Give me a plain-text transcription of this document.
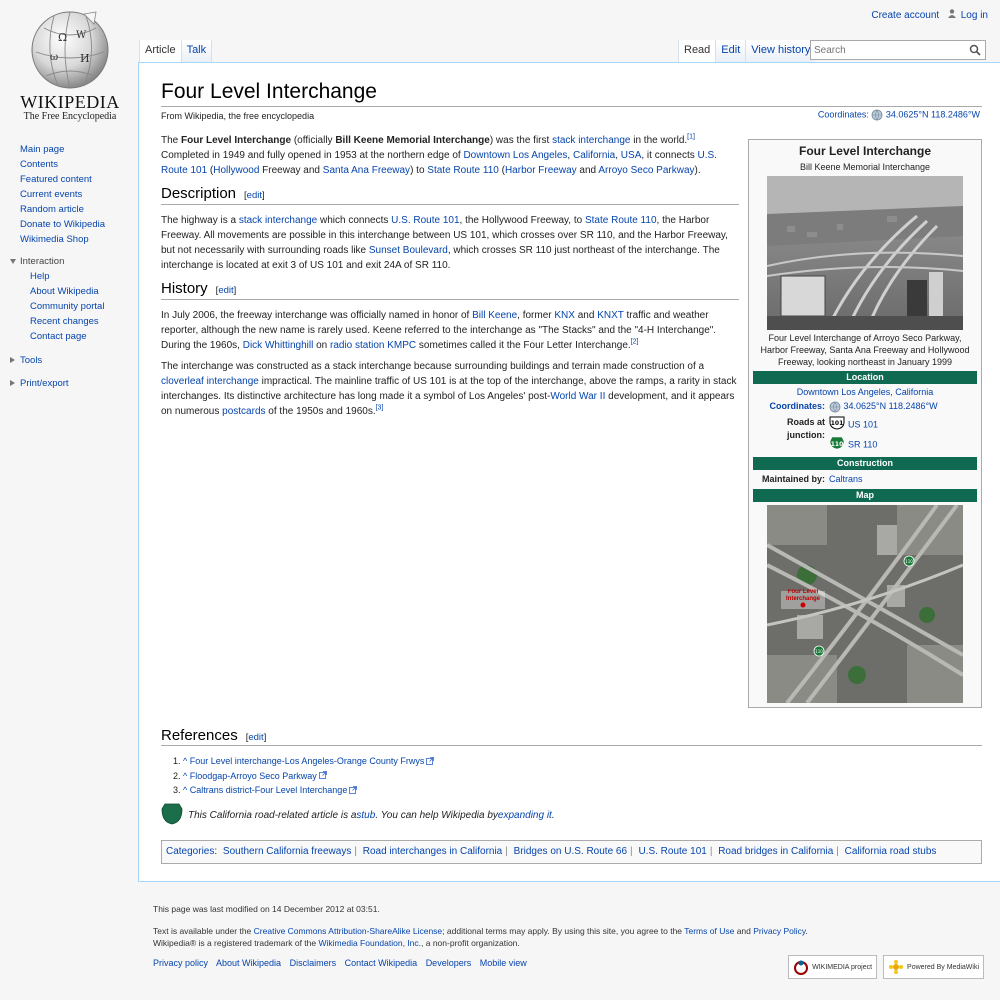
Ω W
ω И
WIKIPEDIA
The Free Encyclopedia
Create account Log in
Article	Talk	Read	Edit	View history
Search
Main page
Contents
Featured content
Current events
Random article
Donate to Wikipedia
Wikimedia Shop
Interaction
Help
About Wikipedia
Community portal
Recent changes
Contact page
Tools
Print/export
Four Level Interchange
From Wikipedia, the free encyclopedia	Coordinates: 34.0625°N 118.2486°W

The Four Level Interchange (officially Bill Keene Memorial Interchange) was the first stack interchange in the world.[1] Completed in 1949 and fully opened in 1953 at the northern edge of Downtown Los Angeles, California, USA, it connects U.S. Route 101 (Hollywood Freeway and Santa Ana Freeway) to State Route 110 (Harbor Freeway and Arroyo Seco Parkway).

Description [edit]

The highway is a stack interchange which connects U.S. Route 101, the Hollywood Freeway, to State Route 110, the Harbor Freeway. All movements are possible in this interchange between US 101, which crosses over SR 110, and the Harbor Freeway, but not necessarily with surrounding roads like Sunset Boulevard, which crosses SR 110 just northeast of the interchange. The interchange is located at exit 3 of US 101 and exit 24A of SR 110.

History [edit]

In July 2006, the freeway interchange was officially named in honor of Bill Keene, former KNX and KNXT traffic and weather reporter, although the new name is rarely used. Keene referred to the interchange as "The Stacks" and the "4-H Interchange". During the 1960s, Dick Whittinghill on radio station KMPC sometimes called it the Four Letter Interchange.[2]

The interchange was constructed as a stack interchange because surrounding buildings and terrain made construction of a cloverleaf interchange impractical. The mainline traffic of US 101 is at the top of the interchange, above the ramps, a rarity in stack interchanges. Its distinctive architecture has long made it a symbol of Los Angeles' post-World War II development, and it appears on numerous postcards of the 1950s and 1960s.[3]

Four Level Interchange
Bill Keene Memorial Interchange
Four Level Interchange of Arroyo Seco Parkway, Harbor Freeway, Santa Ana Freeway and Hollywood Freeway, looking northeast in January 1999
Location
Downtown Los Angeles, California
Coordinates:	34.0625°N 118.2486°W
Roads at junction:
101 US 101
110 SR 110
Construction
Maintained by: Caltrans
Map
110
110
Four Level Interchange
References [edit]
1. ^ Four Level interchange-Los Angeles-Orange County Frwys
2. ^ Floodgap-Arroyo Seco Parkway
3. ^ Caltrans district-Four Level Interchange
This California road-related article is a stub . You can help Wikipedia by expanding it .
Categories: Southern California freeways | Road interchanges in California | Bridges on U.S. Route 66 | U.S. Route 101 | Road bridges in California | California road stubs

This page was last modified on 14 December 2012 at 03:51.

Text is available under the Creative Commons Attribution-ShareAlike License; additional terms may apply. By using this site, you agree to the Terms of Use and Privacy Policy.
Wikipedia® is a registered trademark of the Wikimedia Foundation, Inc., a non-profit organization.

Privacy policy About Wikipedia Disclaimers Contact Wikipedia Developers Mobile view	WIKIMEDIA project	Powered By MediaWiki
